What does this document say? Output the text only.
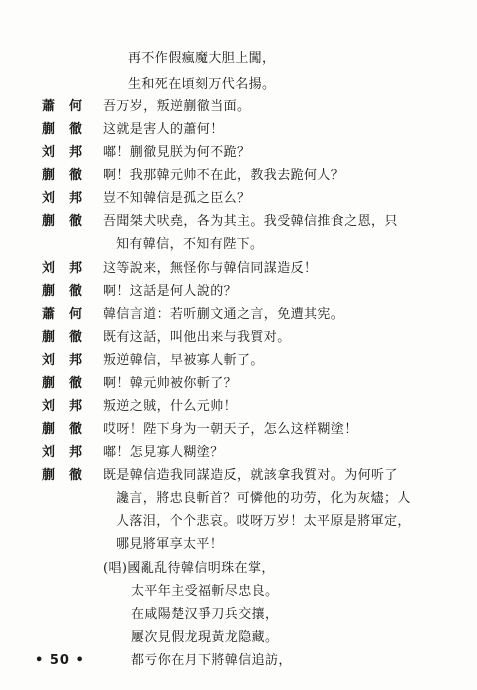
再不作假瘋魔大胆上闖，
生和死在頃刻万代名揚。
蕭何 吾万岁，叛逆蒯徹当面。
蒯徹 这就是害人的蕭何！
刘邦 嘟！蒯徹見朕为何不跪？
蒯徹 啊！我那韓元帅不在此，教我去跪何人？
刘邦 豈不知韓信是孤之臣么？
蒯徹 吾聞桀犬吠堯，各为其主。我受韓信推食之恩，只
知有韓信，不知有陛下。
刘邦 这等說来，無怪你与韓信同謀造反！
蒯徹 啊！这話是何人說的？
蕭何 韓信言道：若听蒯文通之言，免遭其宪。
蒯徹 既有这話，叫他出来与我質对。
刘邦 叛逆韓信，早被寡人斬了。
蒯徹 啊！韓元帅被你斬了？
刘邦 叛逆之賊，什么元帅！
蒯徹 哎呀！陛下身为一朝天子，怎么这样糊塗！
刘邦 嘟！怎見寡人糊塗？
蒯徹 既是韓信造我同謀造反，就該拿我質对。为何听了
讒言，將忠良斬首？可憐他的功劳，化为灰燼；人
人落泪，个个悲哀。哎呀万岁！太平原是將軍定，
哪見將軍享太平！
(唱)國亂乱待韓信明珠在掌，
太平年主受福斬尽忠良。
在咸陽楚汉爭刀兵交攘，
屢次見假龙現黃龙隐藏。
都亏你在月下將韓信追訪，
• 50 •
